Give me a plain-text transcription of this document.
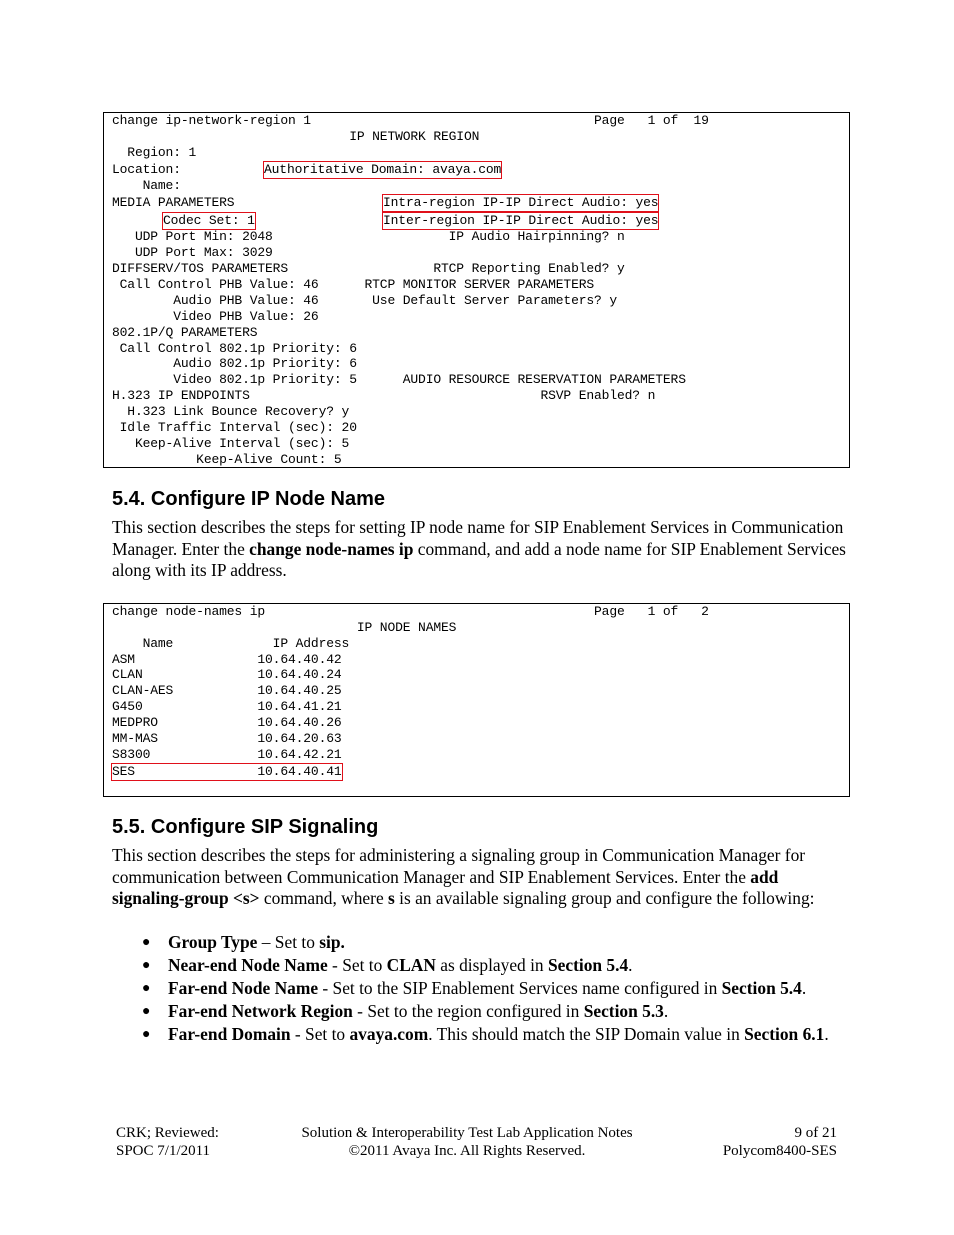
change ip-network-region 1                                     Page   1 of  19
IP NETWORK REGION
Region: 1
Location:	Authoritative Domain: avaya.com
Name:
MEDIA PARAMETERS	Intra-region IP-IP Direct Audio: yes
Codec Set: 1	Inter-region IP-IP Direct Audio: yes
UDP Port Min: 2048                       IP Audio Hairpinning? n
UDP Port Max: 3029
DIFFSERV/TOS PARAMETERS                   RTCP Reporting Enabled? y
Call Control PHB Value: 46      RTCP MONITOR SERVER PARAMETERS
Audio PHB Value: 46       Use Default Server Parameters? y
Video PHB Value: 26
802.1P/Q PARAMETERS
Call Control 802.1p Priority: 6
Audio 802.1p Priority: 6
Video 802.1p Priority: 5      AUDIO RESOURCE RESERVATION PARAMETERS
H.323 IP ENDPOINTS                                      RSVP Enabled? n
H.323 Link Bounce Recovery? y
Idle Traffic Interval (sec): 20
Keep-Alive Interval (sec): 5
Keep-Alive Count: 5
5.4. Configure IP Node Name

This section describes the steps for setting IP node name for SIP Enablement Services in Communication Manager. Enter the change node-names ip command, and add a node name for SIP Enablement Services along with its IP address.

change node-names ip                                           Page   1 of   2
IP NODE NAMES
Name             IP Address
ASM                10.64.40.42
CLAN               10.64.40.24
CLAN-AES           10.64.40.25
G450               10.64.41.21
MEDPRO             10.64.40.26
MM-MAS             10.64.20.63
S8300              10.64.42.21
SES                10.64.40.41
5.5. Configure SIP Signaling

This section describes the steps for administering a signaling group in Communication Manager for communication between Communication Manager and SIP Enablement Services. Enter the add signaling-group <s> command, where s is an available signaling group and configure the following:

● Group Type – Set to sip.
● Near-end Node Name - Set to CLAN as displayed in Section 5.4.
● Far-end Node Name - Set to the SIP Enablement Services name configured in Section 5.4.
● Far-end Network Region - Set to the region configured in Section 5.3.
● Far-end Domain - Set to avaya.com. This should match the SIP Domain value in Section 6.1.
CRK; Reviewed:
SPOC 7/1/2011
Solution & Interoperability Test Lab Application Notes
©2011 Avaya Inc. All Rights Reserved.
9 of 21
Polycom8400-SES
